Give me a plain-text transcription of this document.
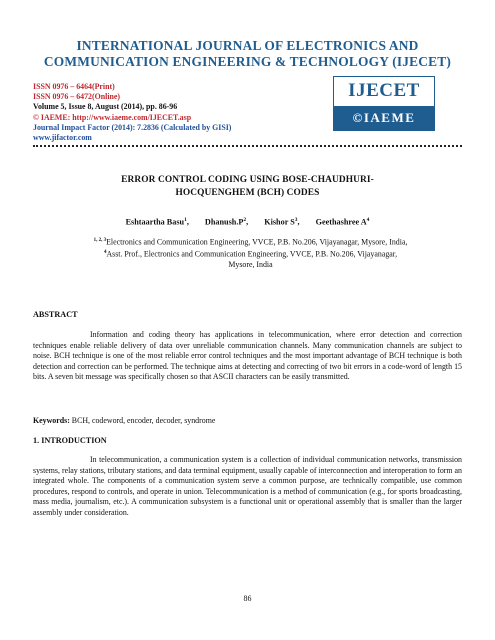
INTERNATIONAL JOURNAL OF ELECTRONICS AND
COMMUNICATION ENGINEERING & TECHNOLOGY (IJECET)
ISSN 0976 – 6464(Print)
ISSN 0976 – 6472(Online)
Volume 5, Issue 8, August (2014), pp. 86-96
© IAEME: http://www.iaeme.com/IJECET.asp
Journal Impact Factor (2014): 7.2836 (Calculated by GISI)
www.jifactor.com
IJECET
©IAEME
ERROR CONTROL CODING USING BOSE-CHAUDHURI-
HOCQUENGHEM (BCH) CODES
Eshtaartha Basu$^1$, $Dhanush.P^2$, Kishor $S^3$, Geethashree $A^4$
$^{1, 2, 3}$Electronics and Communication Engineering, VVCE, P.B. No.206, Vijayanagar, Mysore, India,
$^4$Asst. Prof., Electronics and Communication Engineering, VVCE, P.B. No.206, Vijayanagar,
Mysore, India
ABSTRACT
Information and coding theory has applications in telecommunication, where error detection and correction techniques enable reliable delivery of data over unreliable communication channels. Many communication channels are subject to noise. BCH technique is one of the most reliable error control techniques and the most important advantage of BCH technique is both detection and correction can be performed. The technique aims at detecting and correcting of two bit errors in a code-word of length 15 bits. A seven bit message was specifically chosen so that ASCII characters can be easily transmitted.
Keywords: BCH, codeword, encoder, decoder, syndrome
1. INTRODUCTION
In telecommunication, a communication system is a collection of individual communication networks, transmission systems, relay stations, tributary stations, and data terminal equipment, usually capable of interconnection and interoperation to form an integrated whole. The components of a communication system serve a common purpose, are technically compatible, use common procedures, respond to controls, and operate in union. Telecommunication is a method of communication (e.g., for sports broadcasting, mass media, journalism, etc.). A communication subsystem is a functional unit or operational assembly that is smaller than the larger assembly under consideration.
86
